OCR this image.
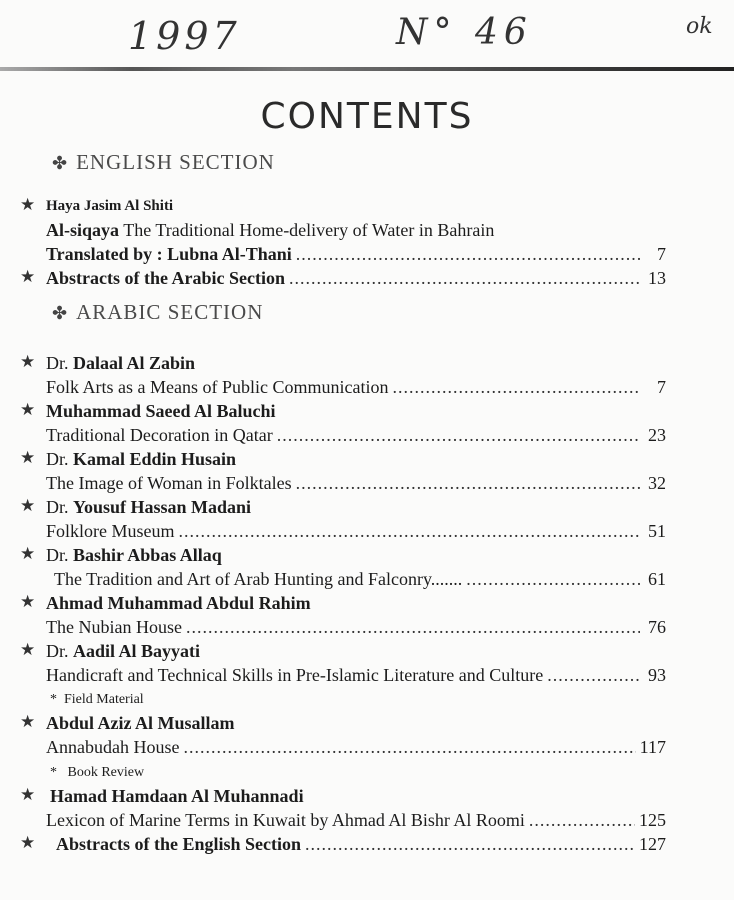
1997	N° 46	ok
CONTENTS
✤ ENGLISH SECTION
★ Haya Jasim Al Shiti
Al-siqaya The Traditional Home-delivery of Water in Bahrain
Translated by : Lubna Al-Thani .....	7
★ Abstracts of the Arabic Section .....	13
✤ ARABIC SECTION
★ Dr. Dalaal Al Zabin
Folk Arts as a Means of Public Communication .....	7
★ Muhammad Saeed Al Baluchi
Traditional Decoration in Qatar .....	23
★ Dr. Kamal Eddin Husain
The Image of Woman in Folktales .....	32
★ Dr. Yousuf Hassan Madani
Folklore Museum .....	51
★ Dr. Bashir Abbas Allaq
The Tradition and Art of Arab Hunting and Falconry....... .....	61
★ Ahmad Muhammad Abdul Rahim
The Nubian House .....	76
★ Dr. Aadil Al Bayyati
Handicraft and Technical Skills in Pre-Islamic Literature and Culture .....	93
*  Field Material
★ Abdul Aziz Al Musallam
Annabudah House .....	117
*   Book Review
★ Hamad Hamdaan Al Muhannadi
Lexicon of Marine Terms in Kuwait by Ahmad Al Bishr Al Roomi .....	125
★ Abstracts of the English Section .....	127
